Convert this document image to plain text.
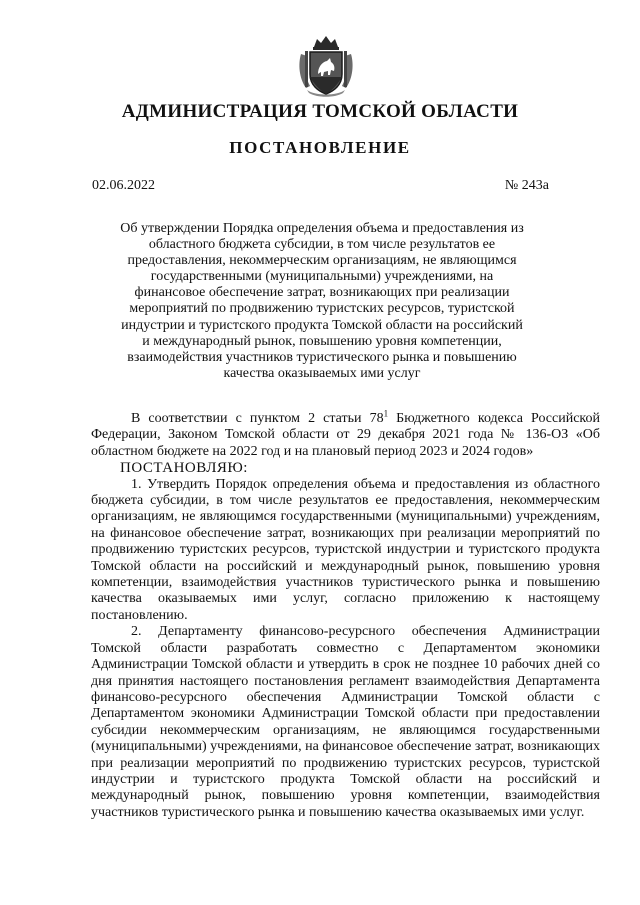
АДМИНИСТРАЦИЯ ТОМСКОЙ ОБЛАСТИ
ПОСТАНОВЛЕНИЕ
02.06.2022	№ 243а

Об утверждении Порядка определения объема и предоставления из областного бюджета субсидии, в том числе результатов ее предоставления, некоммерческим организациям, не являющимся государственными (муниципальными) учреждениями, на финансовое обеспечение затрат, возникающих при реализации мероприятий по продвижению туристских ресурсов, туристской индустрии и туристского продукта Томской области на российский и международный рынок, повышению уровня компетенции, взаимодействия участников туристического рынка и повышению качества оказываемых ими услуг

В соответствии с пунктом 2 статьи $78^1$ Бюджетного кодекса Российской Федерации, Законом Томской области от 29 декабря 2021 года № 136-ОЗ «Об областном бюджете на 2022 год и на плановый период 2023 и 2024 годов»

ПОСТАНОВЛЯЮ:

1. Утвердить Порядок определения объема и предоставления из областного бюджета субсидии, в том числе результатов ее предоставления, некоммерческим организациям, не являющимся государственными (муниципальными) учреждениям, на финансовое обеспечение затрат, возникающих при реализации мероприятий по продвижению туристских ресурсов, туристской индустрии и туристского продукта Томской области на российский и международный рынок, повышению уровня компетенции, взаимодействия участников туристического рынка и повышению качества оказываемых ими услуг, согласно приложению к настоящему постановлению.

2. Департаменту финансово-ресурсного обеспечения Администрации Томской области разработать совместно с Департаментом экономики Администрации Томской области и утвердить в срок не позднее 10 рабочих дней со дня принятия настоящего постановления регламент взаимодействия Департамента финансово-ресурсного обеспечения Администрации Томской области с Департаментом экономики Администрации Томской области при предоставлении субсидии некоммерческим организациям, не являющимся государственными (муниципальными) учреждениями, на финансовое обеспечение затрат, возникающих при реализации мероприятий по продвижению туристских ресурсов, туристской индустрии и туристского продукта Томской области на российский и международный рынок, повышению уровня компетенции, взаимодействия участников туристического рынка и повышению качества оказываемых ими услуг.
